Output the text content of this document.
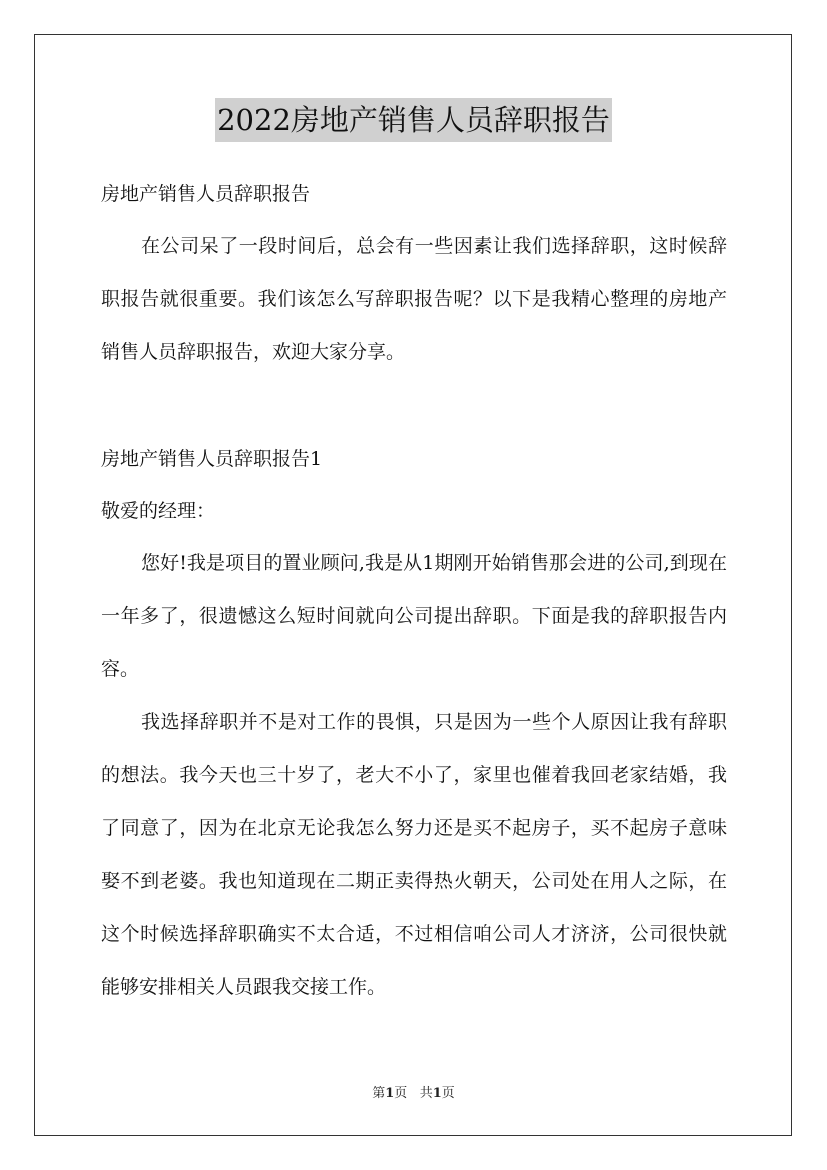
2022房地产销售人员辞职报告

房地产销售人员辞职报告

在公司呆了一段时间后，总会有一些因素让我们选择辞职，这时候辞职报告就很重要。我们该怎么写辞职报告呢？以下是我精心整理的房地产销售人员辞职报告，欢迎大家分享。

房地产销售人员辞职报告1

敬爱的经理：

您好!我是项目的置业顾问,我是从1期刚开始销售那会进的公司,到现在一年多了，很遗憾这么短时间就向公司提出辞职。下面是我的辞职报告内容。

我选择辞职并不是对工作的畏惧，只是因为一些个人原因让我有辞职的想法。我今天也三十岁了，老大不小了，家里也催着我回老家结婚，我了同意了，因为在北京无论我怎么努力还是买不起房子，买不起房子意味娶不到老婆。我也知道现在二期正卖得热火朝天，公司处在用人之际，在这个时候选择辞职确实不太合适，不过相信咱公司人才济济，公司很快就能够安排相关人员跟我交接工作。

第1页 共1页
